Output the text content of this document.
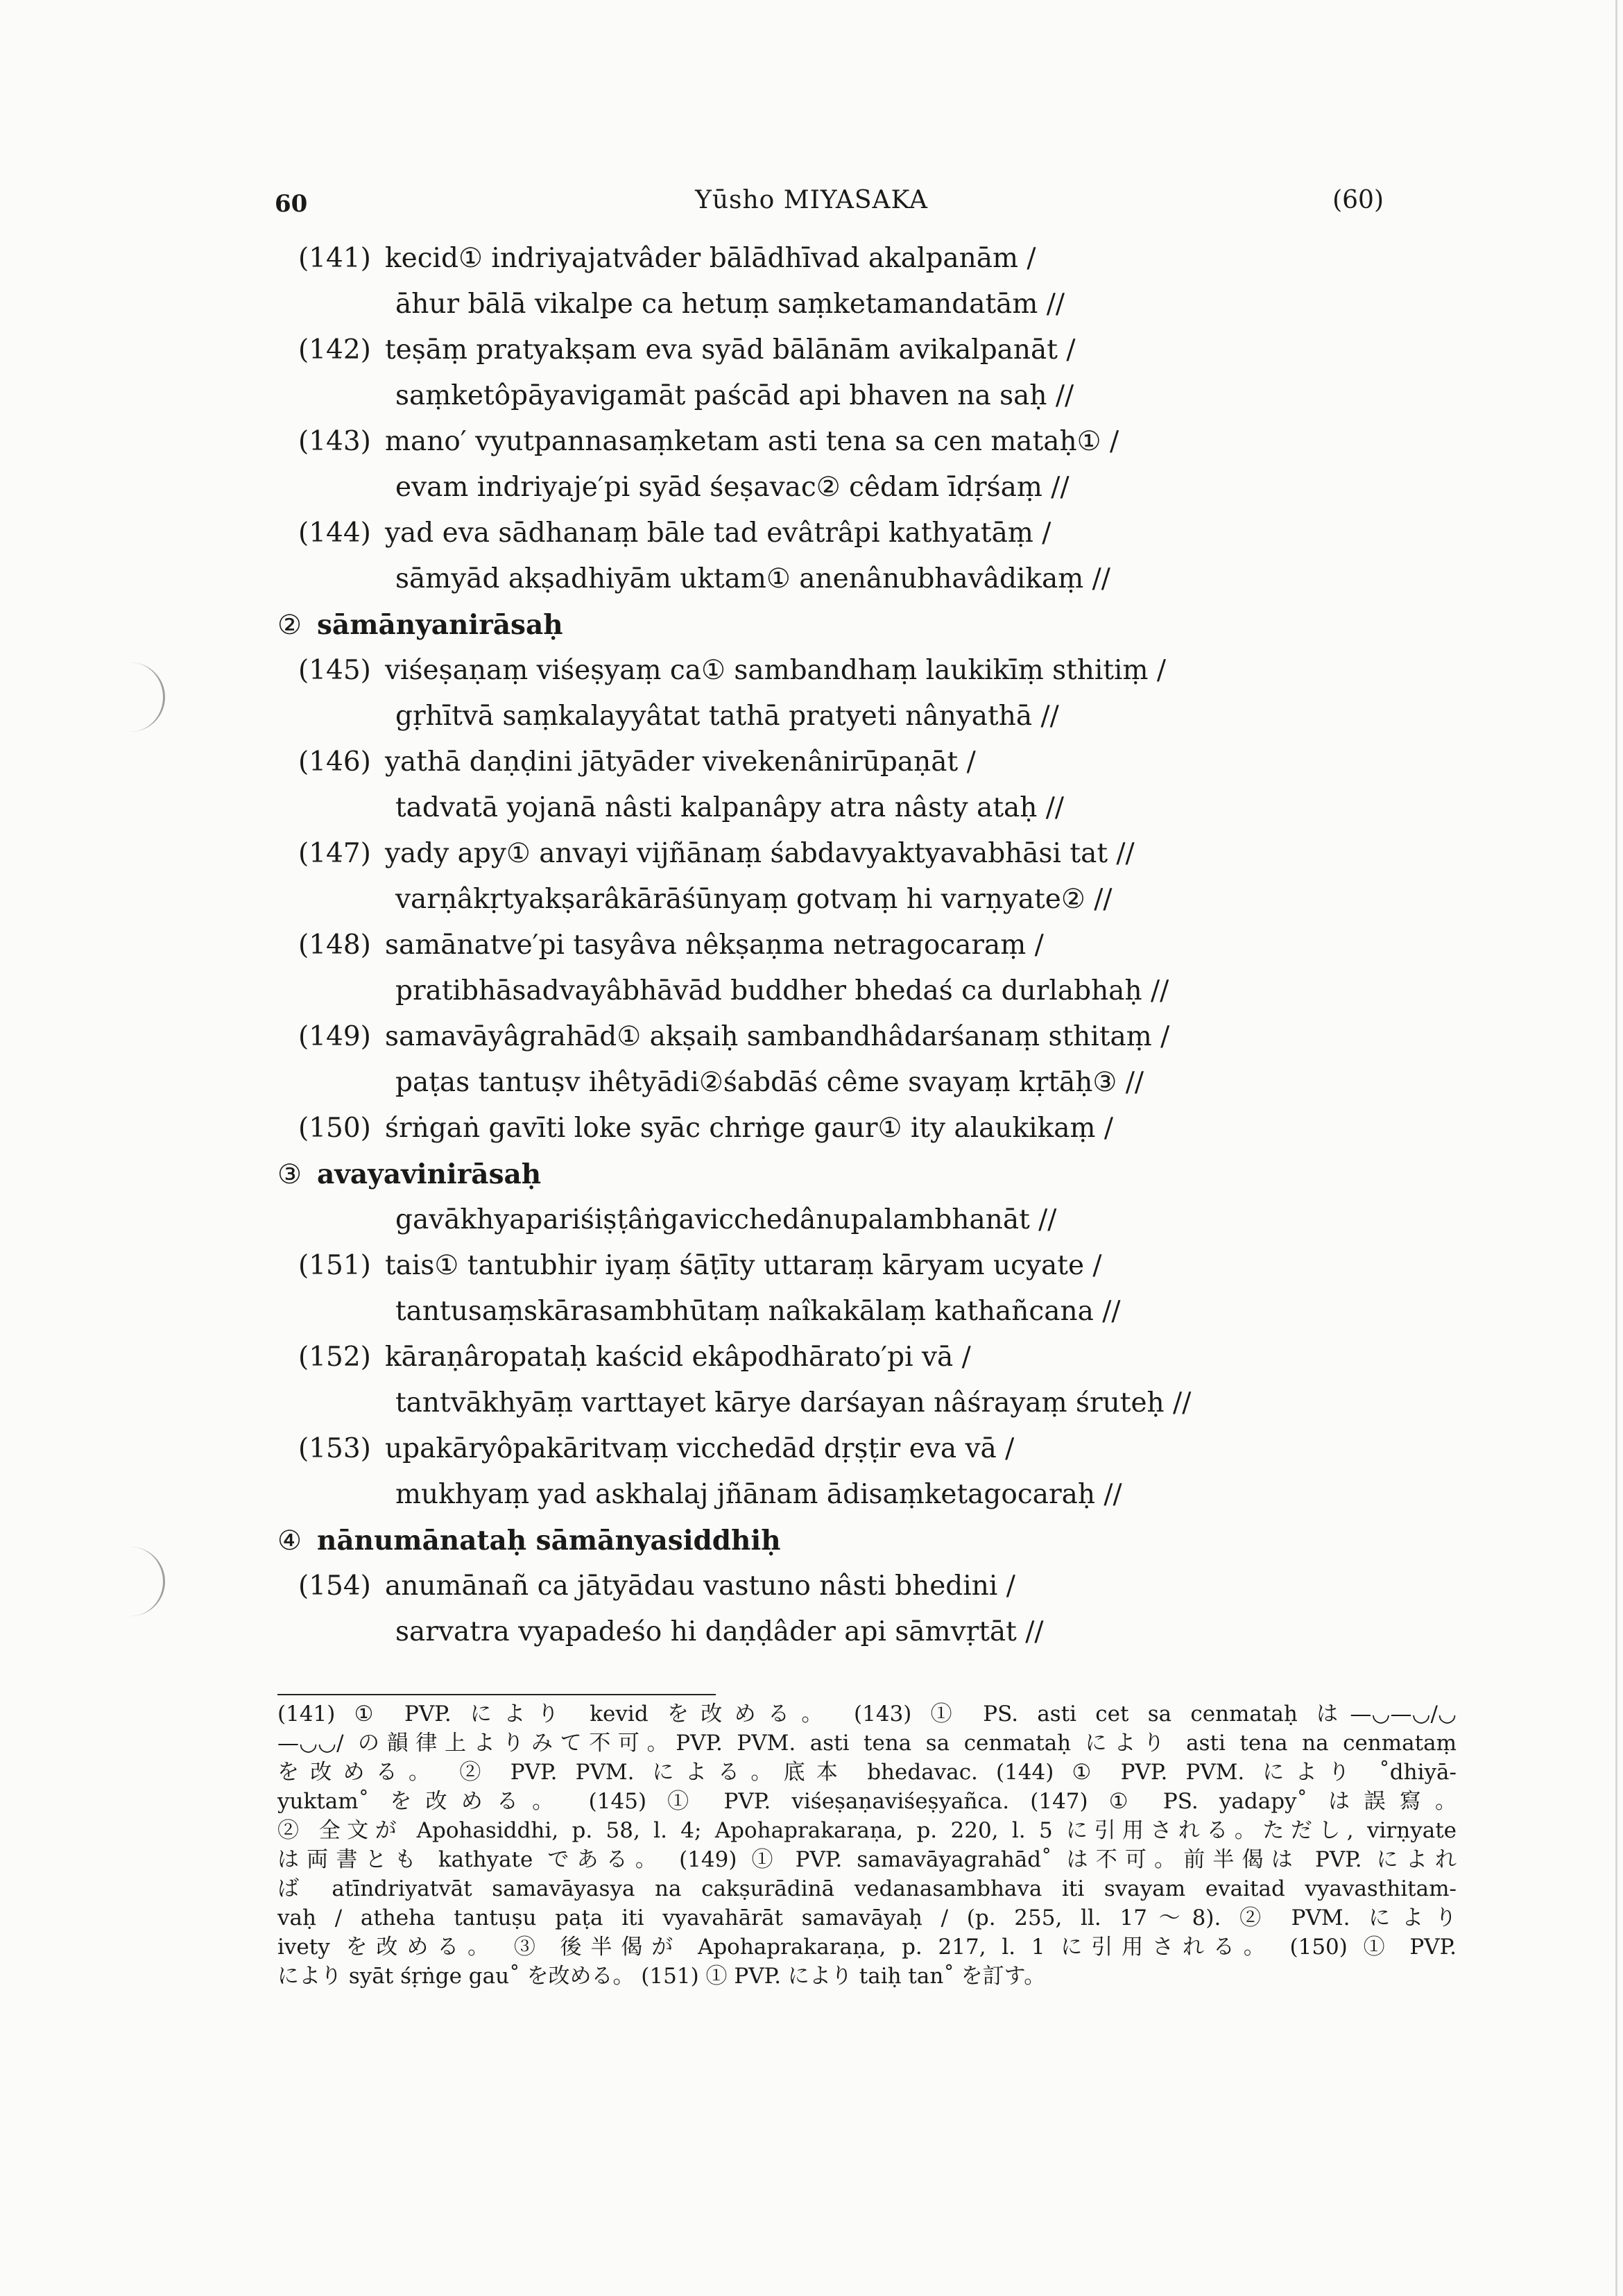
60	Yūsho MIYASAKA	(60)
(141) kecid① indriyajatvâder bālādhīvad akalpanām /
āhur bālā vikalpe ca hetuṃ saṃketamandatām //
(142) teṣāṃ pratyakṣam eva syād bālānām avikalpanāt /
saṃketôpāyavigamāt paścād api bhaven na saḥ //
(143) mano′ vyutpannasaṃketam asti tena sa cen mataḥ① /
evam indriyaje′pi syād śeṣavac② cêdam īdṛśaṃ //
(144) yad eva sādhanaṃ bāle tad evâtrâpi kathyatāṃ /
sāmyād akṣadhiyām uktam① anenânubhavâdikaṃ //
② sāmānyanirāsaḥ
(145) viśeṣaṇaṃ viśeṣyaṃ ca① sambandhaṃ laukikīṃ sthitiṃ /
gṛhītvā saṃkalayyâtat tathā pratyeti nânyathā //
(146) yathā daṇḍini jātyāder vivekenânirūpaṇāt /
tadvatā yojanā nâsti kalpanâpy atra nâsty ataḥ //
(147) yady apy① anvayi vijñānaṃ śabdavyaktyavabhāsi tat //
varṇâkṛtyakṣarâkārāśūnyaṃ gotvaṃ hi varṇyate② //
(148) samānatve′pi tasyâva nêkṣaṇma netragocaraṃ /
pratibhāsadvayâbhāvād buddher bhedaś ca durlabhaḥ //
(149) samavāyâgrahād① akṣaiḥ sambandhâdarśanaṃ sthitaṃ /
paṭas tantuṣv ihêtyādi②śabdāś cême svayaṃ kṛtāḥ③ //
(150) śrṅgaṅ gavīti loke syāc chrṅge gaur① ity alaukikaṃ /
③ avayavinirāsaḥ
gavākhyapariśiṣṭâṅgavicchedânupalambhanāt //
(151) tais① tantubhir iyaṃ śāṭīty uttaraṃ kāryam ucyate /
tantusaṃskārasambhūtaṃ naîkakālaṃ kathañcana //
(152) kāraṇâropataḥ kaścid ekâpodhārato′pi vā /
tantvākhyāṃ varttayet kārye darśayan nâśrayaṃ śruteḥ //
(153) upakāryôpakāritvaṃ vicchedād dṛṣṭir eva vā /
mukhyaṃ yad askhalaj jñānam ādisaṃketagocaraḥ //
④ nānumānataḥ sāmānyasiddhiḥ
(154) anumānañ ca jātyādau vastuno nâsti bhedini /
sarvatra vyapadeśo hi daṇḍâder api sāmvṛtāt //

(141) ① PVP. により kevid を改める。 (143) ① PS. asti cet sa cenmataḥ は—◡—◡/◡

—◡◡/ の韻律上よりみて不可。PVP. PVM. asti tena sa cenmataḥ により asti tena na cenmataṃ

を改める。 ② PVP. PVM. による。底本 bhedavac. (144) ① PVP. PVM. により ˚dhiyā-

yuktam˚ を改める。 (145) ① PVP. viśeṣaṇaviśeṣyañca. (147) ① PS. yadapy˚ は誤寫。

② 全文が Apohasiddhi, p. 58, l. 4; Apohaprakaraṇa, p. 220, l. 5 に引用される。ただし, virṇyate

は両書とも kathyate である。 (149) ① PVP. samavāyagrahād˚ は不可。前半偈は PVP. によれ

ば atīndriyatvāt samavāyasya na cakṣurādinā vedanasambhava iti svayam evaitad vyavasthitam-

vaḥ / atheha tantuṣu paṭa iti vyavahārāt samavāyaḥ / (p. 255, ll. 17～8). ② PVM. により

ivety を改める。 ③ 後半偈が Apohaprakaraṇa, p. 217, l. 1 に引用される。 (150) ① PVP.

により syāt śṛṅge gau˚ を改める。 (151) ① PVP. により taiḥ tan˚ を訂す。
